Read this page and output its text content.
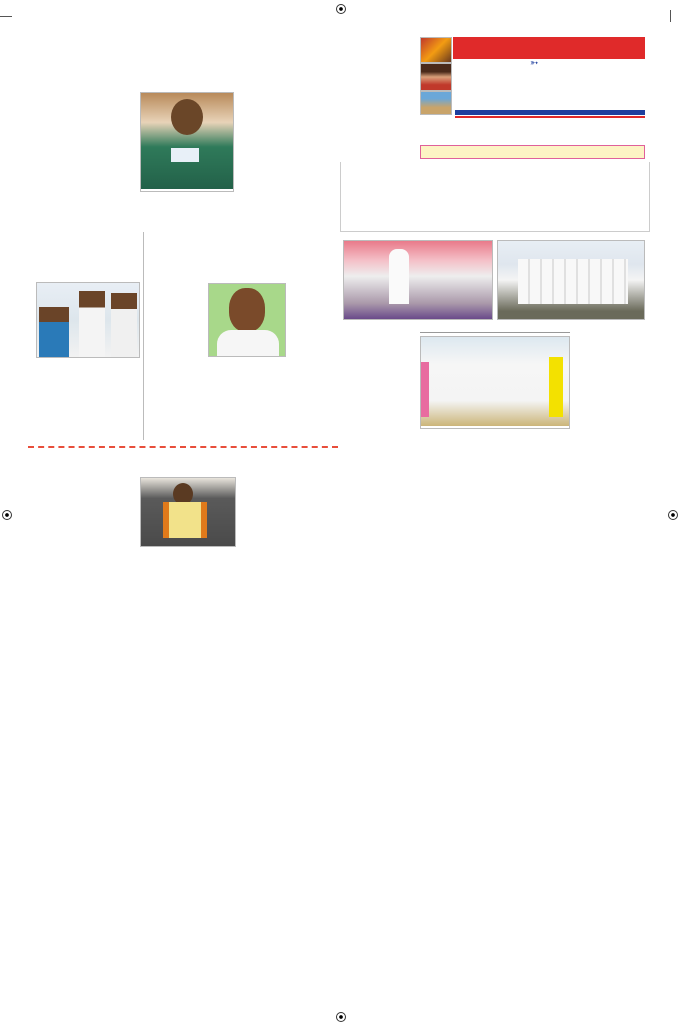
➳
